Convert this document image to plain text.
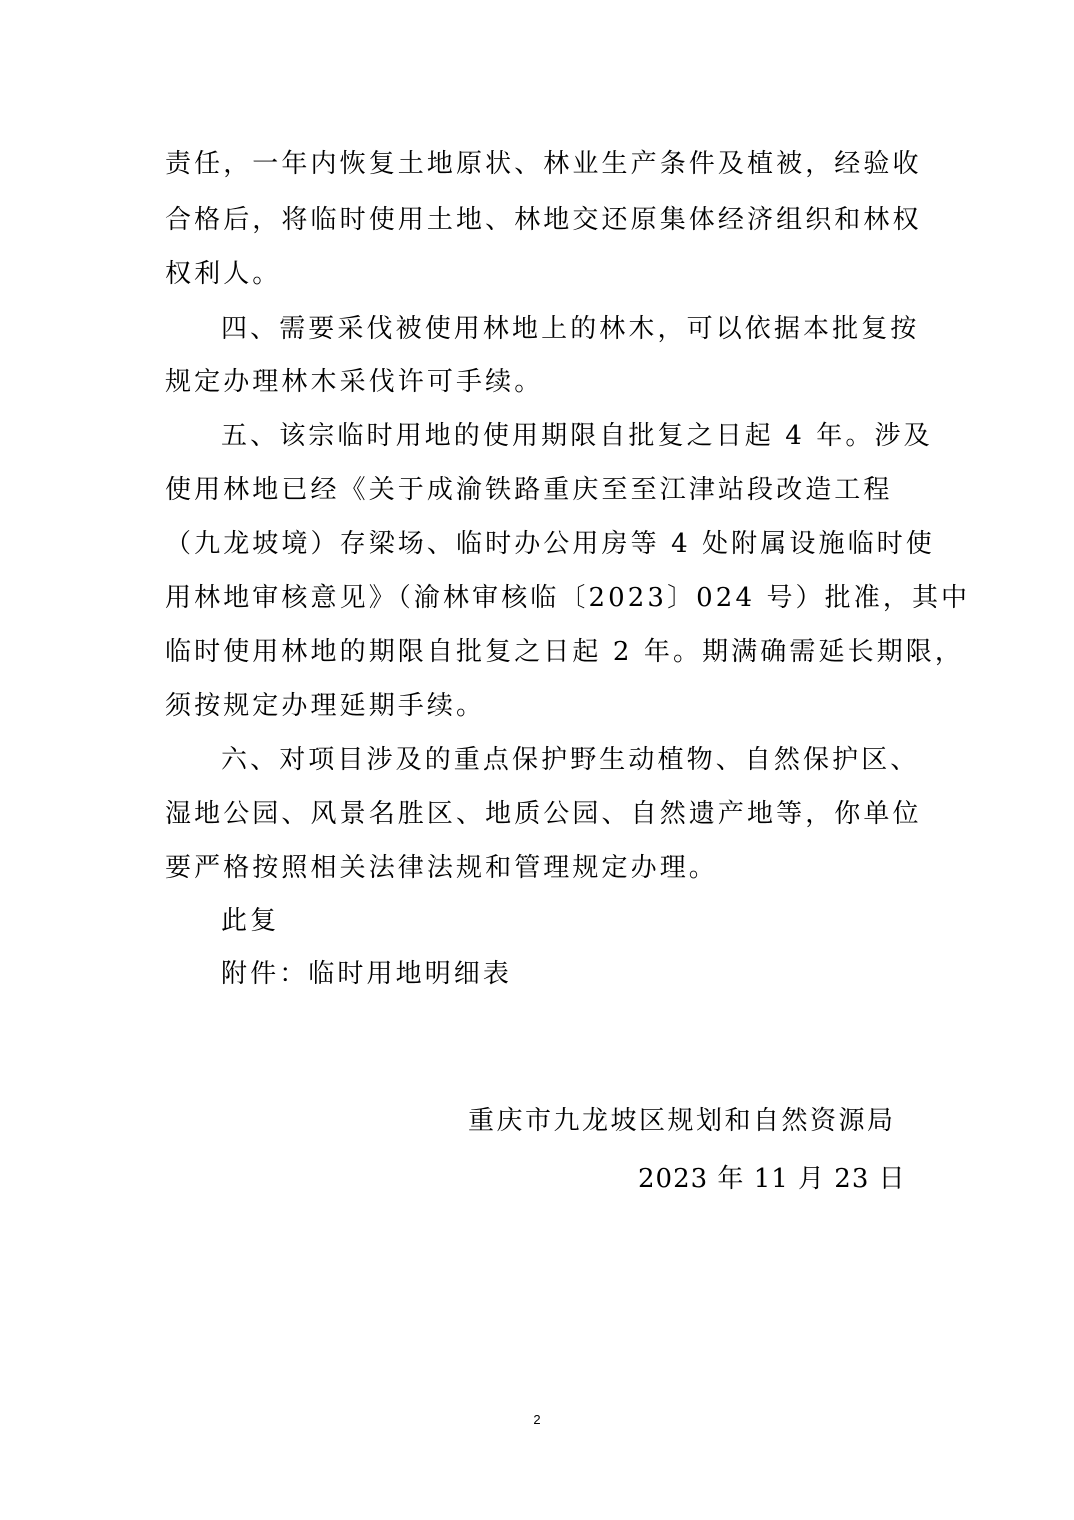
责任，一年内恢复土地原状、林业生产条件及植被，经验收
合格后，将临时使用土地、林地交还原集体经济组织和林权
权利人。
四、需要采伐被使用林地上的林木，可以依据本批复按
规定办理林木采伐许可手续。
五、该宗临时用地的使用期限自批复之日起 4 年。涉及
使用林地已经《关于成渝铁路重庆至至江津站段改造工程
（九龙坡境）存梁场、临时办公用房等 4 处附属设施临时使
用林地审核意见》（渝林审核临〔2023〕024 号）批准，其中
临时使用林地的期限自批复之日起 2 年。期满确需延长期限，
须按规定办理延期手续。
六、对项目涉及的重点保护野生动植物、自然保护区、
湿地公园、风景名胜区、地质公园、自然遗产地等，你单位
要严格按照相关法律法规和管理规定办理。
此复
附件：临时用地明细表
重庆市九龙坡区规划和自然资源局
2023 年 11 月 23 日
2
